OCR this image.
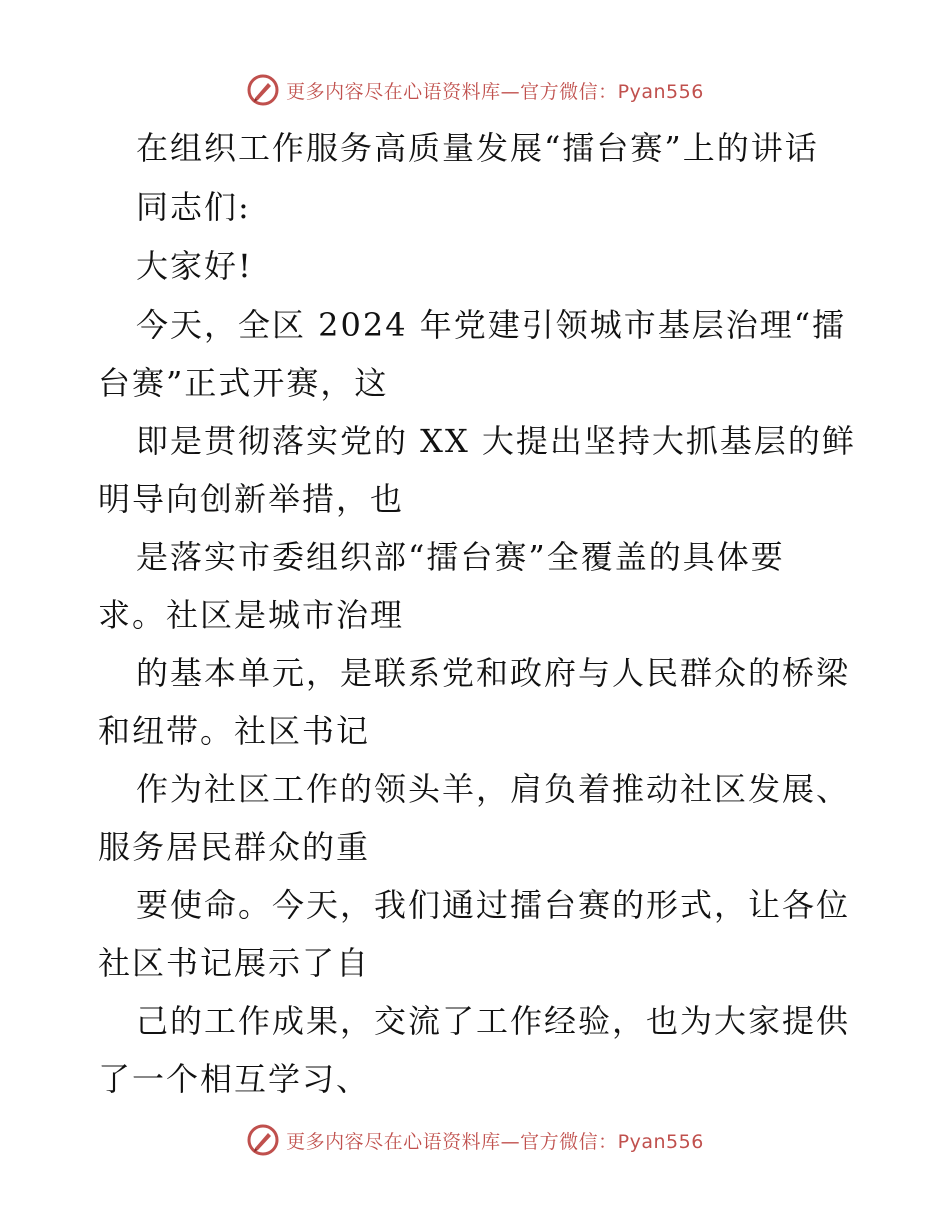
更多内容尽在心语资料库—官方微信：Pyan556
在组织工作服务高质量发展“擂台赛”上的讲话
同志们:
大家好!
今天，全区 2024 年党建引领城市基层治理“擂
台赛”正式开赛，这
即是贯彻落实党的 XX 大提出坚持大抓基层的鲜
明导向创新举措，也
是落实市委组织部“擂台赛”全覆盖的具体要
求。社区是城市治理
的基本单元，是联系党和政府与人民群众的桥梁
和纽带。社区书记
作为社区工作的领头羊，肩负着推动社区发展、
服务居民群众的重
要使命。今天，我们通过擂台赛的形式，让各位
社区书记展示了自
己的工作成果，交流了工作经验，也为大家提供
了一个相互学习、
更多内容尽在心语资料库—官方微信：Pyan556
